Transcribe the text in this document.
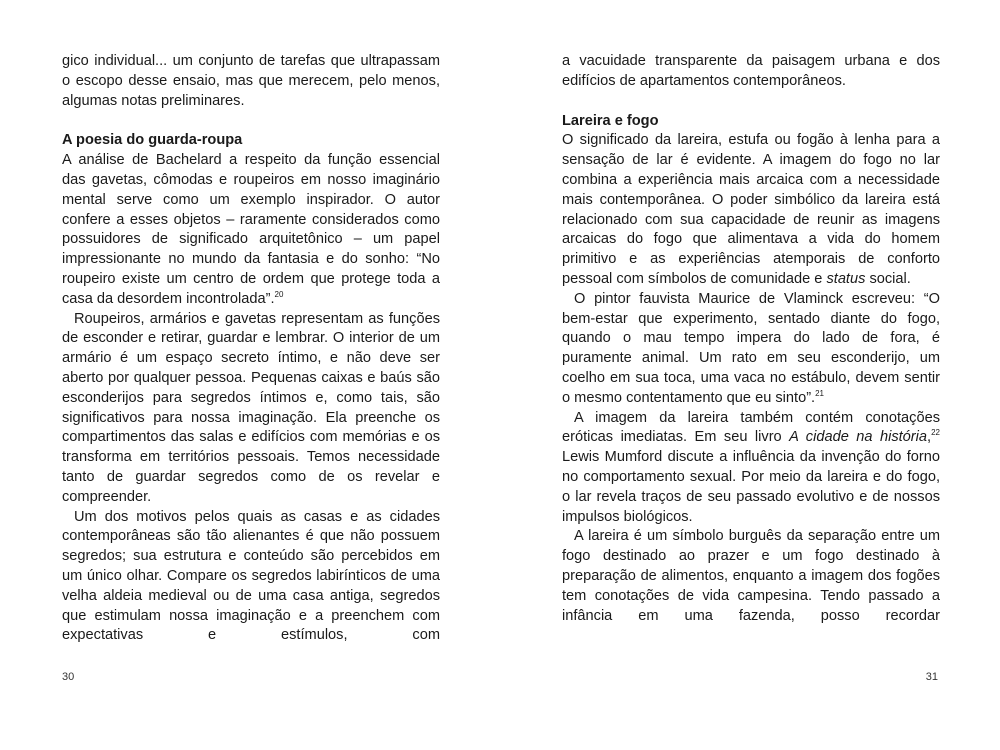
gico individual... um conjunto de tarefas que ultrapassam o escopo desse ensaio, mas que merecem, pelo menos, algumas notas preliminares.

A poesia do guarda-roupa

A análise de Bachelard a respeito da função essencial das gavetas, cômodas e roupeiros em nosso imaginário mental serve como um exemplo inspirador. O autor confere a esses objetos – raramente considerados como possuidores de significado arquitetônico – um papel impressionante no mundo da fantasia e do sonho: “No roupeiro existe um centro de ordem que protege toda a casa da desordem incontrolada”.$^{20}$

Roupeiros, armários e gavetas representam as funções de esconder e retirar, guardar e lembrar. O interior de um armário é um espaço secreto íntimo, e não deve ser aberto por qualquer pessoa. Pequenas caixas e baús são esconderijos para segredos íntimos e, como tais, são significativos para nossa imaginação. Ela preenche os compartimentos das salas e edifícios com memórias e os transforma em territórios pessoais. Temos necessidade tanto de guardar segredos como de os revelar e compreender.

Um dos motivos pelos quais as casas e as cidades contemporâneas são tão alienantes é que não possuem segredos; sua estrutura e conteúdo são percebidos em um único olhar. Compare os segredos labirínticos de uma velha aldeia medieval ou de uma casa antiga, segredos que estimulam nossa imaginação e a preenchem com expectativas e estímulos, com

30

a vacuidade transparente da paisagem urbana e dos edifícios de apartamentos contemporâneos.

Lareira e fogo

O significado da lareira, estufa ou fogão à lenha para a sensação de lar é evidente. A imagem do fogo no lar combina a experiência mais arcaica com a necessidade mais contemporânea. O poder simbólico da lareira está relacionado com sua capacidade de reunir as imagens arcaicas do fogo que alimentava a vida do homem primitivo e as experiências atemporais de conforto pessoal com símbolos de comunidade e status social.

O pintor fauvista Maurice de Vlaminck escreveu: “O bem-estar que experimento, sentado diante do fogo, quando o mau tempo impera do lado de fora, é puramente animal. Um rato em seu esconderijo, um coelho em sua toca, uma vaca no estábulo, devem sentir o mesmo contentamento que eu sinto”.$^{21}$

A imagem da lareira também contém conotações eróticas imediatas. Em seu livro A cidade na história,$^{22}$ Lewis Mumford discute a influência da invenção do forno no comportamento sexual. Por meio da lareira e do fogo, o lar revela traços de seu passado evolutivo e de nossos impulsos biológicos.

A lareira é um símbolo burguês da separação entre um fogo destinado ao prazer e um fogo destinado à preparação de alimentos, enquanto a imagem dos fogões tem conotações de vida campesina. Tendo passado a infância em uma fazenda, posso recordar

31
